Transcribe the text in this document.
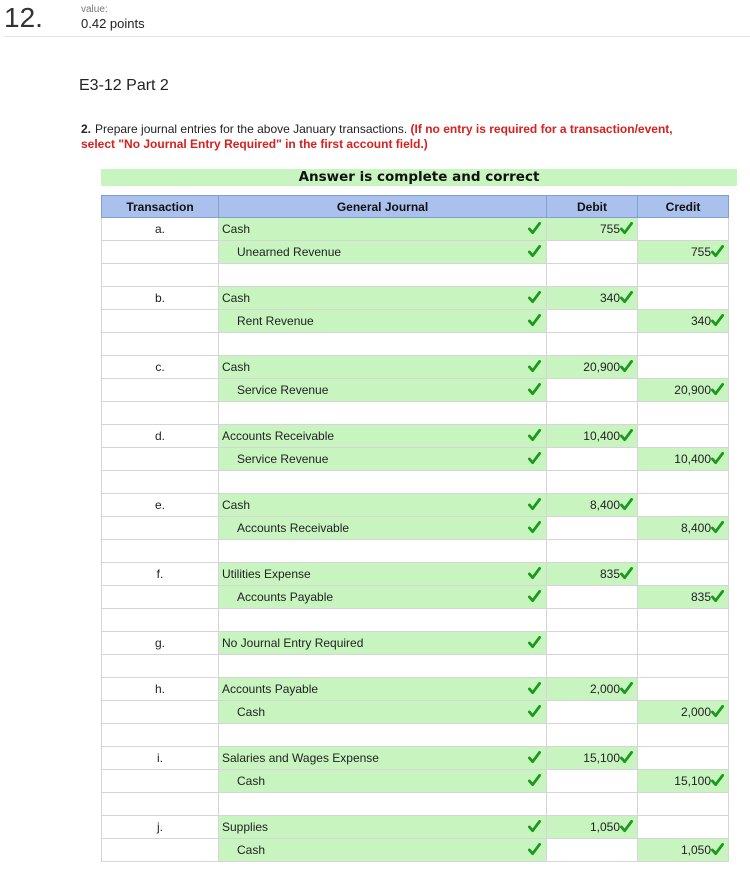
12.	value:
0.42 points
E3-12 Part 2
2. Prepare journal entries for the above January transactions. (If no entry is required for a transaction/event, select "No Journal Entry Required" in the first account field.)
Answer is complete and correct
Transaction	General Journal	Debit	Credit
a.	Cash	755	
	Unearned Revenue		755

b.	Cash	340	
	Rent Revenue		340

c.	Cash	20,900	
	Service Revenue		20,900

d.	Accounts Receivable	10,400	
	Service Revenue		10,400

e.	Cash	8,400	
	Accounts Receivable		8,400

f.	Utilities Expense	835	
	Accounts Payable		835

g.	No Journal Entry Required

h.	Accounts Payable	2,000	
	Cash		2,000

i.	Salaries and Wages Expense	15,100	
	Cash		15,100

j.	Supplies	1,050	
	Cash		1,050
